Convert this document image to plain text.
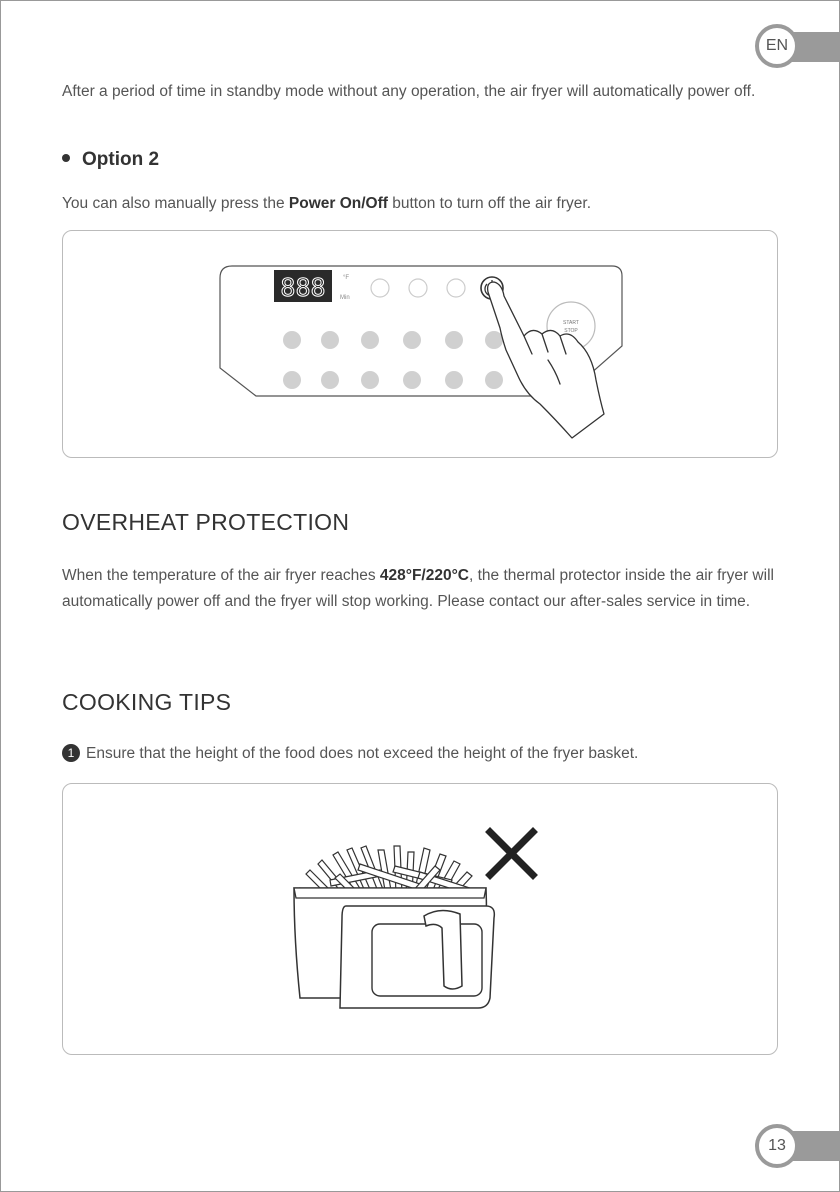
EN

After a period of time in standby mode without any operation, the air fryer will automatically power off.

Option 2

You can also manually press the Power On/Off button to turn off the air fryer.

888	°F
Min
START
STOP
OVERHEAT PROTECTION

When the temperature of the air fryer reaches 428°F/220°C, the thermal protector inside the air fryer will automatically power off and the fryer will stop working. Please contact our after-sales service in time.

COOKING TIPS
1 Ensure that the height of the food does not exceed the height of the fryer basket.
13
